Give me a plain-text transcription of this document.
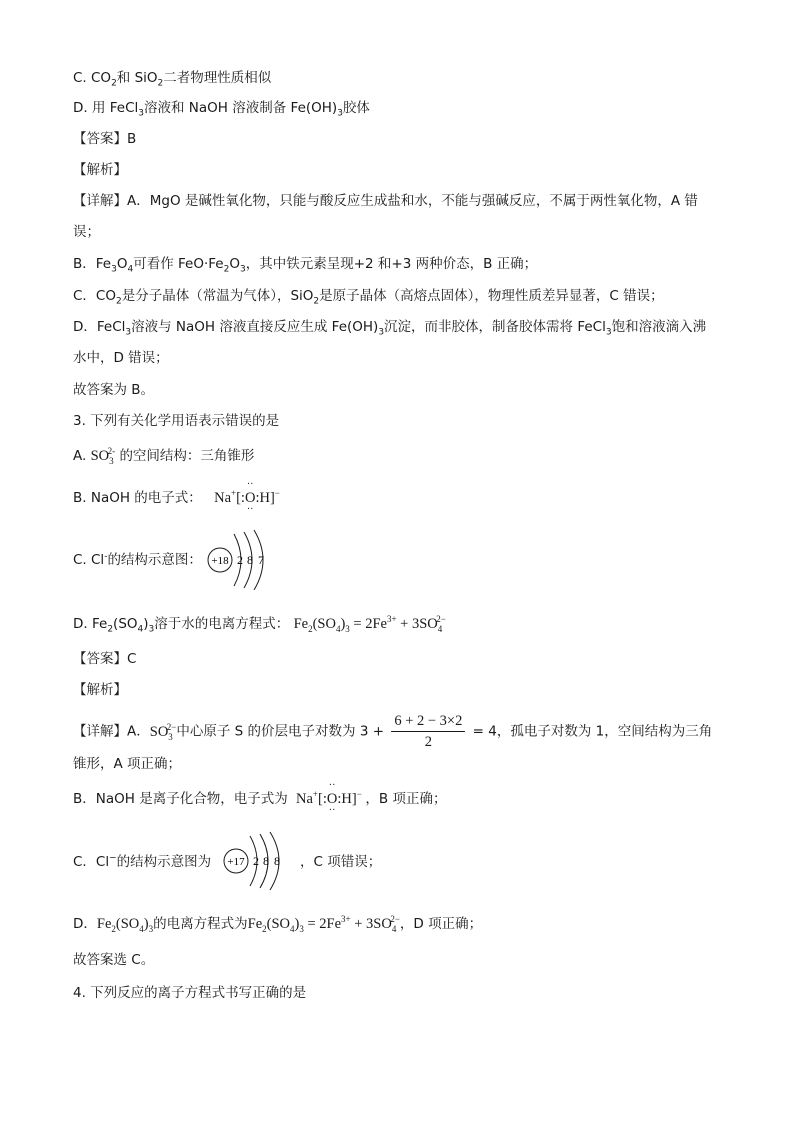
C. $CO_2$和 SiO$_2$二者物理性质相似
D. 用 FeCl$_3$溶液和 NaOH 溶液制备 $Fe(OH)_3$胶体
【答案】B
【解析】
【详解】A．MgO 是碱性氧化物，只能与酸反应生成盐和水，不能与强碱反应，不属于两性氧化物，A 错
误；
B．$Fe_3O_4$可看作 $FeO\cdot Fe_2O_3$，其中铁元素呈现+2 和+3 两种价态，B 正确；
C．$CO_2$是分子晶体（常温为气体），SiO$_2$是原子晶体（高熔点固体），物理性质差异显著，C 错误；
D．FeCl$_3$溶液与 NaOH 溶液直接反应生成 $Fe(OH)_3$沉淀，而非胶体，制备胶体需将 FeCl$_3$饱和溶液滴入沸
水中，D 错误；
故答案为 B。
3. 下列有关化学用语表示错误的是
A. $SO_3^{2-}$ 的空间结构：三角锥形
B. NaOH 的电子式： Na+[:
··
O
··
:H]−
C. Cl-的结构示意图： +18 2 8 7
D. $Fe_2(SO_4)_3$溶于水的电离方程式： $Fe_2(SO_4)_3 = 2Fe^{3+} + 3SO_4^{2-}$
【答案】C
【解析】
【详解】A．$SO_3^{2-}$中心原子 S 的价层电子对数为 $3 + \frac{6 + 2 - 3\times 2}{2} = 4$，孤电子对数为 1，空间结构为三角
锥形，A 项正确；
B．NaOH 是离子化合物，电子式为 Na+[:
··
O
··
:H]− ，B 项正确；
C．Cl−的结构示意图为 +17 2 8 8 ，C 项错误；
D．$Fe_2(SO_4)_3$的电离方程式为$Fe_2(SO_4)_3 = 2Fe^{3+} + 3SO_4^{2-}$，D 项正确；
故答案选 C。
4. 下列反应的离子方程式书写正确的是
